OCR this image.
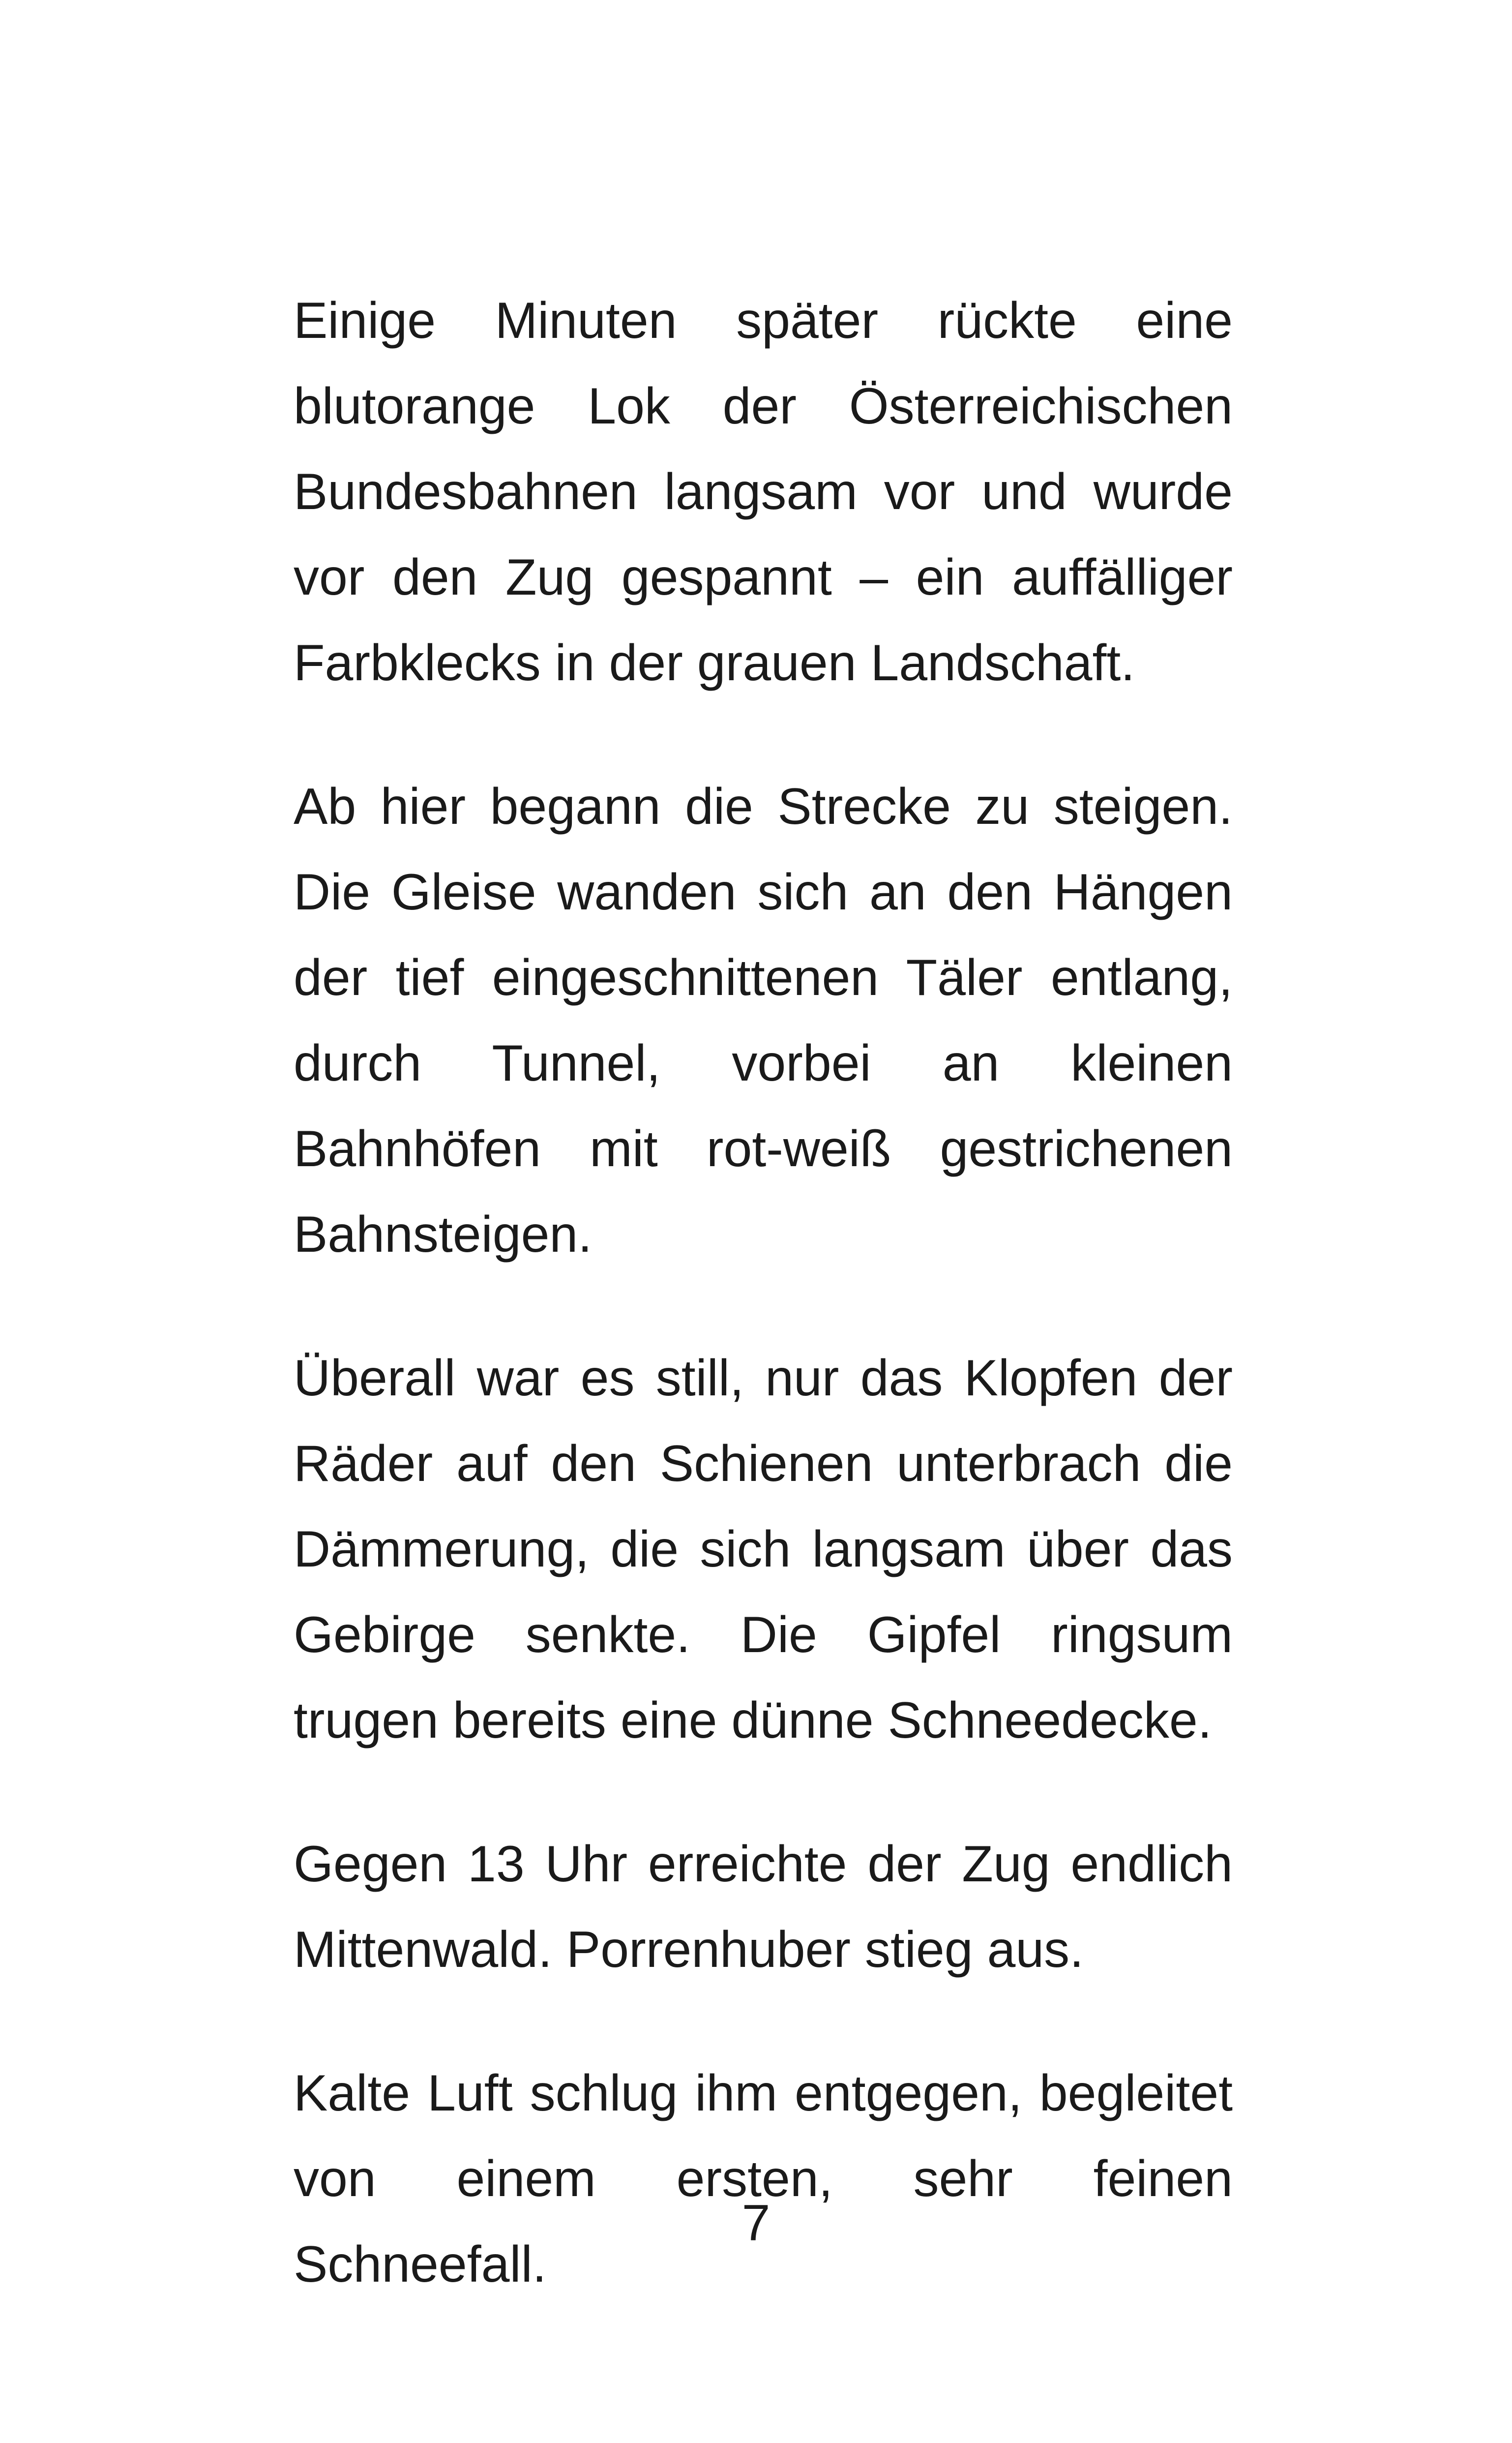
Einige Minuten später rückte eine blutorange Lok der Österreichischen Bundesbahnen langsam vor und wurde vor den Zug gespannt – ein auffälliger Farbklecks in der grauen Landschaft.

Ab hier begann die Strecke zu steigen. Die Gleise wanden sich an den Hängen der tief eingeschnittenen Täler entlang, durch Tunnel, vorbei an kleinen Bahnhöfen mit rot-weiß gestrichenen Bahnsteigen.

Überall war es still, nur das Klopfen der Räder auf den Schienen unterbrach die Dämmerung, die sich langsam über das Gebirge senkte. Die Gipfel ringsum trugen bereits eine dünne Schneedecke.

Gegen 13 Uhr erreichte der Zug endlich Mittenwald. Porrenhuber stieg aus.

Kalte Luft schlug ihm entgegen, begleitet von einem ersten, sehr feinen Schneefall.

7
